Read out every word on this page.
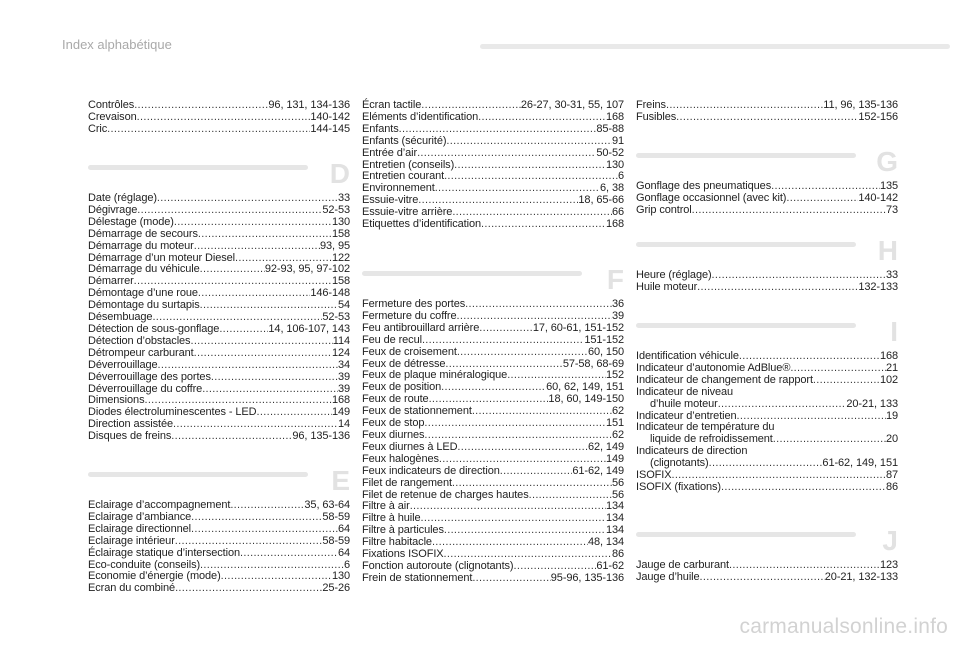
Index alphabétique
Contrôles .....	96, 131, 134-136
Crevaison .....	140-142
Cric .....	144-145
D
Date (réglage) .....	33
Dégivrage .....	52-53
Délestage (mode) .....	130
Démarrage de secours .....	158
Démarrage du moteur .....	93, 95
Démarrage d’un moteur Diesel .....	122
Démarrage du véhicule .....	92-93, 95, 97-102
Démarrer .....	158
Démontage d’une roue .....	146-148
Démontage du surtapis .....	54
Désembuage .....	52-53
Détection de sous-gonflage .....	14, 106-107, 143
Détection d’obstacles .....	114
Détrompeur carburant .....	124
Déverrouillage .....	34
Déverrouillage des portes .....	39
Déverrouillage du coffre .....	39
Dimensions .....	168
Diodes électroluminescentes - LED .....	149
Direction assistée .....	14
Disques de freins .....	96, 135-136
E
Eclairage d’accompagnement .....	35, 63-64
Eclairage d’ambiance .....	58-59
Eclairage directionnel .....	64
Eclairage intérieur .....	58-59
Éclairage statique d’intersection .....	64
Eco-conduite (conseils) .....	6
Economie d’énergie (mode) .....	130
Ecran du combiné .....	25-26
Écran tactile .....	26-27, 30-31, 55, 107
Eléments d’identification .....	168
Enfants .....	85-88
Enfants (sécurité) .....	91
Entrée d’air .....	50-52
Entretien (conseils) .....	130
Entretien courant .....	6
Environnement .....	6, 38
Essuie-vitre .....	18, 65-66
Essuie-vitre arrière .....	66
Etiquettes d’identification .....	168
F
Fermeture des portes .....	36
Fermeture du coffre .....	39
Feu antibrouillard arrière .....	17, 60-61, 151-152
Feu de recul .....	151-152
Feux de croisement .....	60, 150
Feux de détresse .....	57-58, 68-69
Feux de plaque minéralogique .....	152
Feux de position .....	60, 62, 149, 151
Feux de route .....	18, 60, 149-150
Feux de stationnement .....	62
Feux de stop .....	151
Feux diurnes .....	62
Feux diurnes à LED .....	62, 149
Feux halogènes .....	149
Feux indicateurs de direction .....	61-62, 149
Filet de rangement .....	56
Filet de retenue de charges hautes .....	56
Filtre à air .....	134
Filtre à huile .....	134
Filtre à particules .....	134
Filtre habitacle .....	48, 134
Fixations ISOFIX .....	86
Fonction autoroute (clignotants) .....	61-62
Frein de stationnement .....	95-96, 135-136
Freins .....	11, 96, 135-136
Fusibles .....	152-156
G
Gonflage des pneumatiques .....	135
Gonflage occasionnel (avec kit) .....	140-142
Grip control .....	73
H
Heure (réglage) .....	33
Huile moteur .....	132-133
I
Identification véhicule .....	168
Indicateur d’autonomie AdBlue® .....	21
Indicateur de changement de rapport .....	102
Indicateur de niveau
d’huile moteur .....	20-21, 133
Indicateur d’entretien .....	19
Indicateur de température du
liquide de refroidissement .....	20
Indicateurs de direction
(clignotants) .....	61-62, 149, 151
ISOFIX .....	87
ISOFIX (fixations) .....	86
J
Jauge de carburant .....	123
Jauge d’huile .....	20-21, 132-133
carmanualsonline.info
